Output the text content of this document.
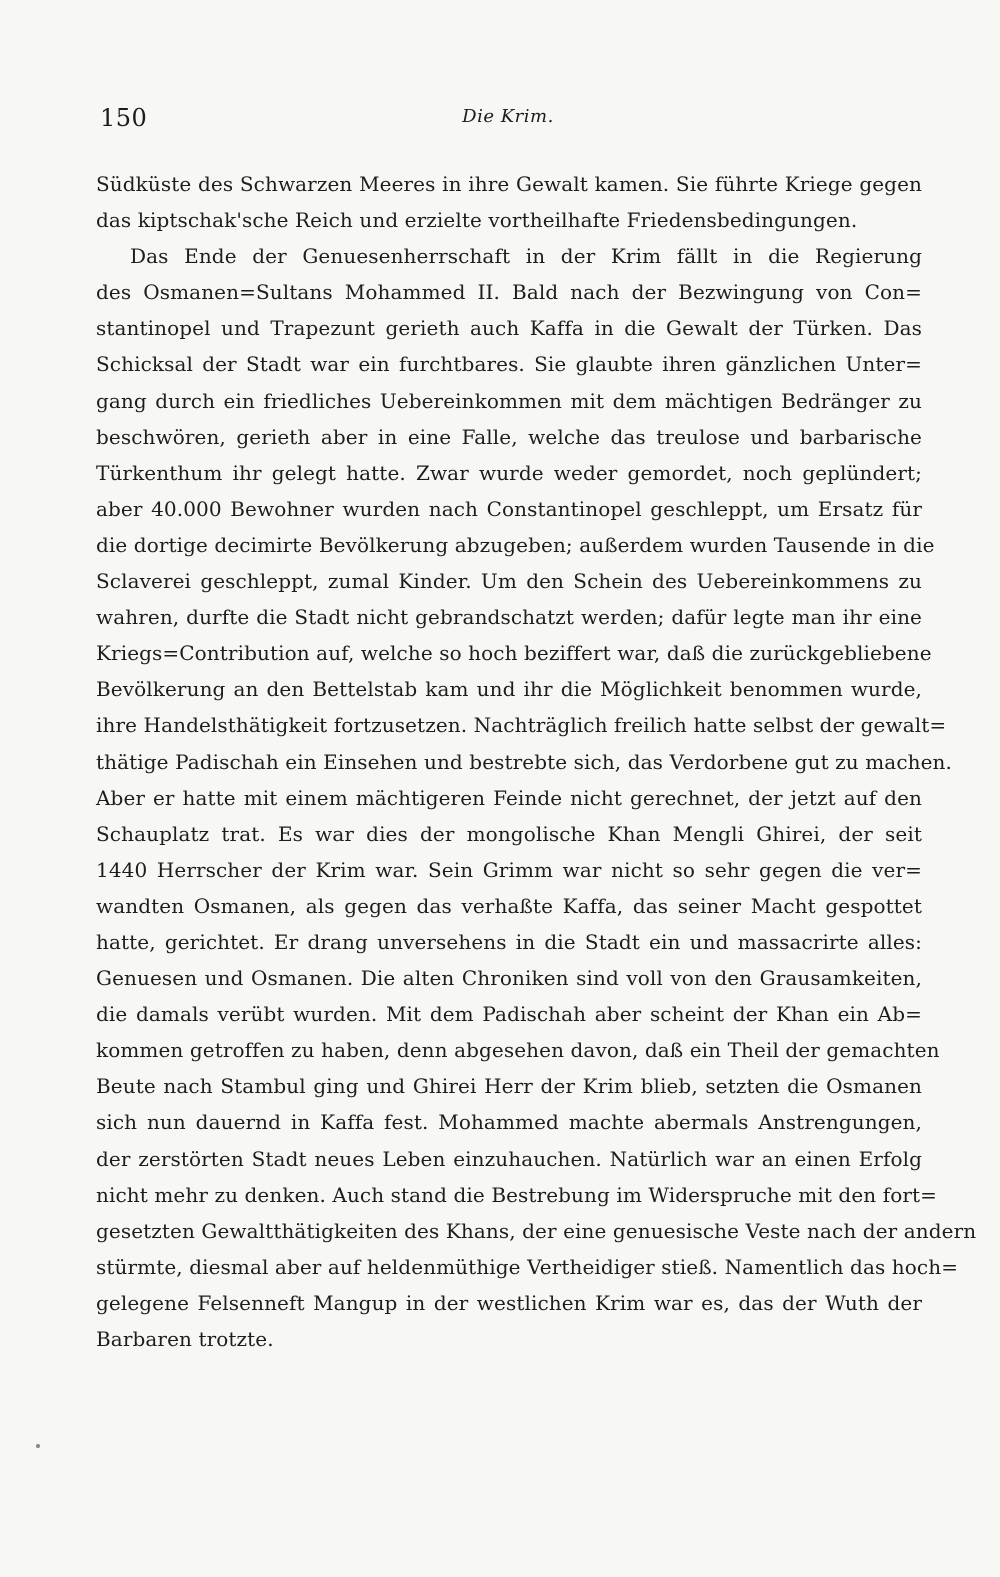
150	Die Krim.
Südküste des Schwarzen Meeres in ihre Gewalt kamen. Sie führte Kriege gegen
das kiptschak'sche Reich und erzielte vortheilhafte Friedensbedingungen.
Das Ende der Genuesenherrschaft in der Krim fällt in die Regierung
des Osmanen=Sultans Mohammed II. Bald nach der Bezwingung von Con=
stantinopel und Trapezunt gerieth auch Kaffa in die Gewalt der Türken. Das
Schicksal der Stadt war ein furchtbares. Sie glaubte ihren gänzlichen Unter=
gang durch ein friedliches Uebereinkommen mit dem mächtigen Bedränger zu
beschwören, gerieth aber in eine Falle, welche das treulose und barbarische
Türkenthum ihr gelegt hatte. Zwar wurde weder gemordet, noch geplündert;
aber 40.000 Bewohner wurden nach Constantinopel geschleppt, um Ersatz für
die dortige decimirte Bevölkerung abzugeben; außerdem wurden Tausende in die
Sclaverei geschleppt, zumal Kinder. Um den Schein des Uebereinkommens zu
wahren, durfte die Stadt nicht gebrandschatzt werden; dafür legte man ihr eine
Kriegs=Contribution auf, welche so hoch beziffert war, daß die zurückgebliebene
Bevölkerung an den Bettelstab kam und ihr die Möglichkeit benommen wurde,
ihre Handelsthätigkeit fortzusetzen. Nachträglich freilich hatte selbst der gewalt=
thätige Padischah ein Einsehen und bestrebte sich, das Verdorbene gut zu machen.
Aber er hatte mit einem mächtigeren Feinde nicht gerechnet, der jetzt auf den
Schauplatz trat. Es war dies der mongolische Khan Mengli Ghirei, der seit
1440 Herrscher der Krim war. Sein Grimm war nicht so sehr gegen die ver=
wandten Osmanen, als gegen das verhaßte Kaffa, das seiner Macht gespottet
hatte, gerichtet. Er drang unversehens in die Stadt ein und massacrirte alles:
Genuesen und Osmanen. Die alten Chroniken sind voll von den Grausamkeiten,
die damals verübt wurden. Mit dem Padischah aber scheint der Khan ein Ab=
kommen getroffen zu haben, denn abgesehen davon, daß ein Theil der gemachten
Beute nach Stambul ging und Ghirei Herr der Krim blieb, setzten die Osmanen
sich nun dauernd in Kaffa fest. Mohammed machte abermals Anstrengungen,
der zerstörten Stadt neues Leben einzuhauchen. Natürlich war an einen Erfolg
nicht mehr zu denken. Auch stand die Bestrebung im Widerspruche mit den fort=
gesetzten Gewaltthätigkeiten des Khans, der eine genuesische Veste nach der andern
stürmte, diesmal aber auf heldenmüthige Vertheidiger stieß. Namentlich das hoch=
gelegene Felsenneft Mangup in der westlichen Krim war es, das der Wuth der
Barbaren trotzte.
